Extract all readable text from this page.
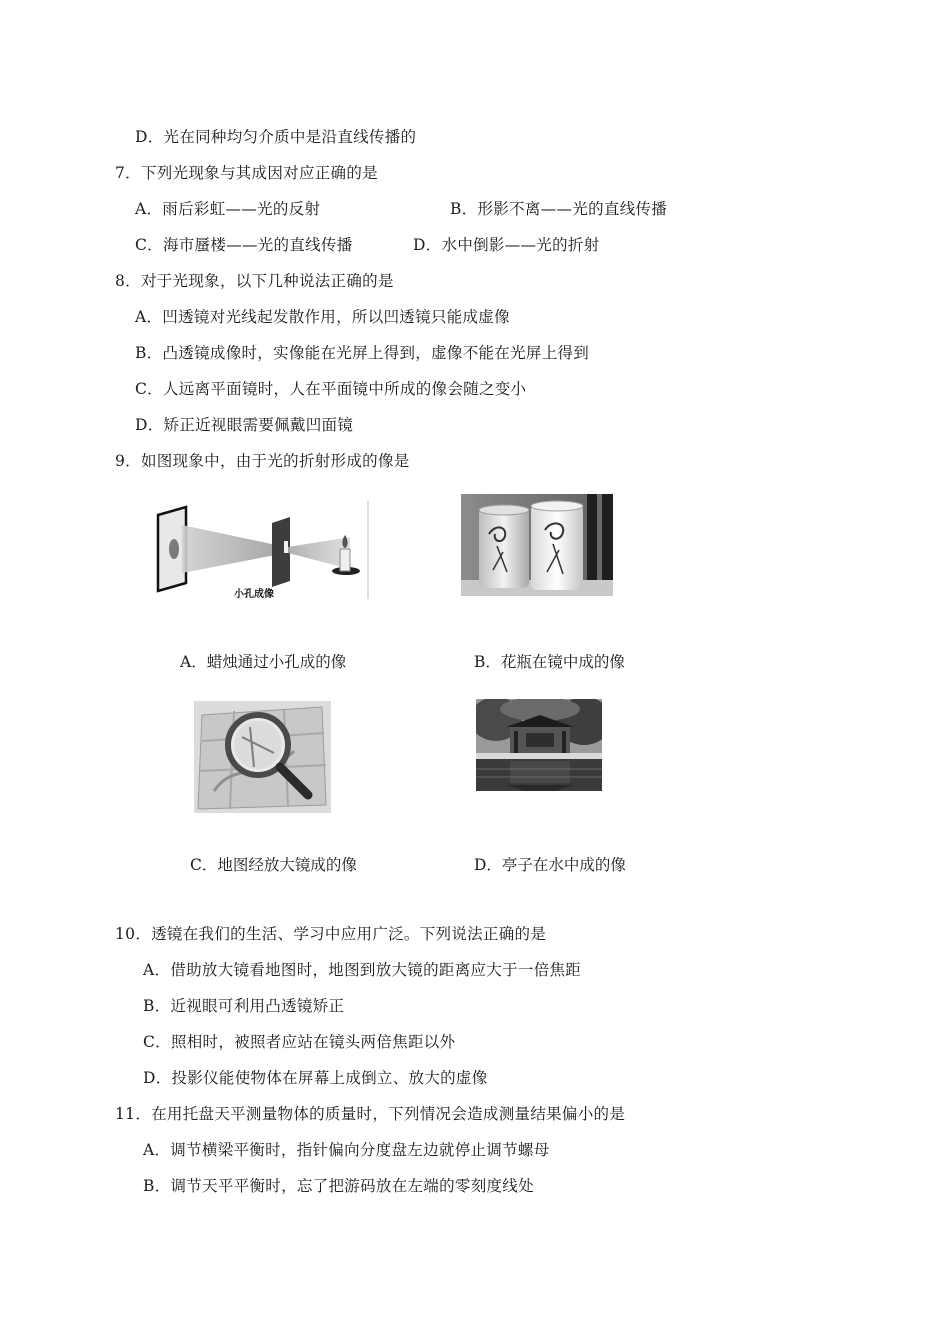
D．光在同种均匀介质中是沿直线传播的
7．下列光现象与其成因对应正确的是
A．雨后彩虹——光的反射	B．形影不离——光的直线传播
C．海市蜃楼——光的直线传播	D．水中倒影——光的折射
8．对于光现象，以下几种说法正确的是
A．凹透镜对光线起发散作用，所以凹透镜只能成虚像
B．凸透镜成像时，实像能在光屏上得到，虚像不能在光屏上得到
C．人远离平面镜时，人在平面镜中所成的像会随之变小
D．矫正近视眼需要佩戴凹面镜
9．如图现象中，由于光的折射形成的像是
小孔成像
A．蜡烛通过小孔成的像	B．花瓶在镜中成的像
C．地图经放大镜成的像	D．亭子在水中成的像
10．透镜在我们的生活、学习中应用广泛。下列说法正确的是
A．借助放大镜看地图时，地图到放大镜的距离应大于一倍焦距
B．近视眼可利用凸透镜矫正
C．照相时，被照者应站在镜头两倍焦距以外
D．投影仪能使物体在屏幕上成倒立、放大的虚像
11．在用托盘天平测量物体的质量时，下列情况会造成测量结果偏小的是
A．调节横梁平衡时，指针偏向分度盘左边就停止调节螺母
B．调节天平平衡时，忘了把游码放在左端的零刻度线处
